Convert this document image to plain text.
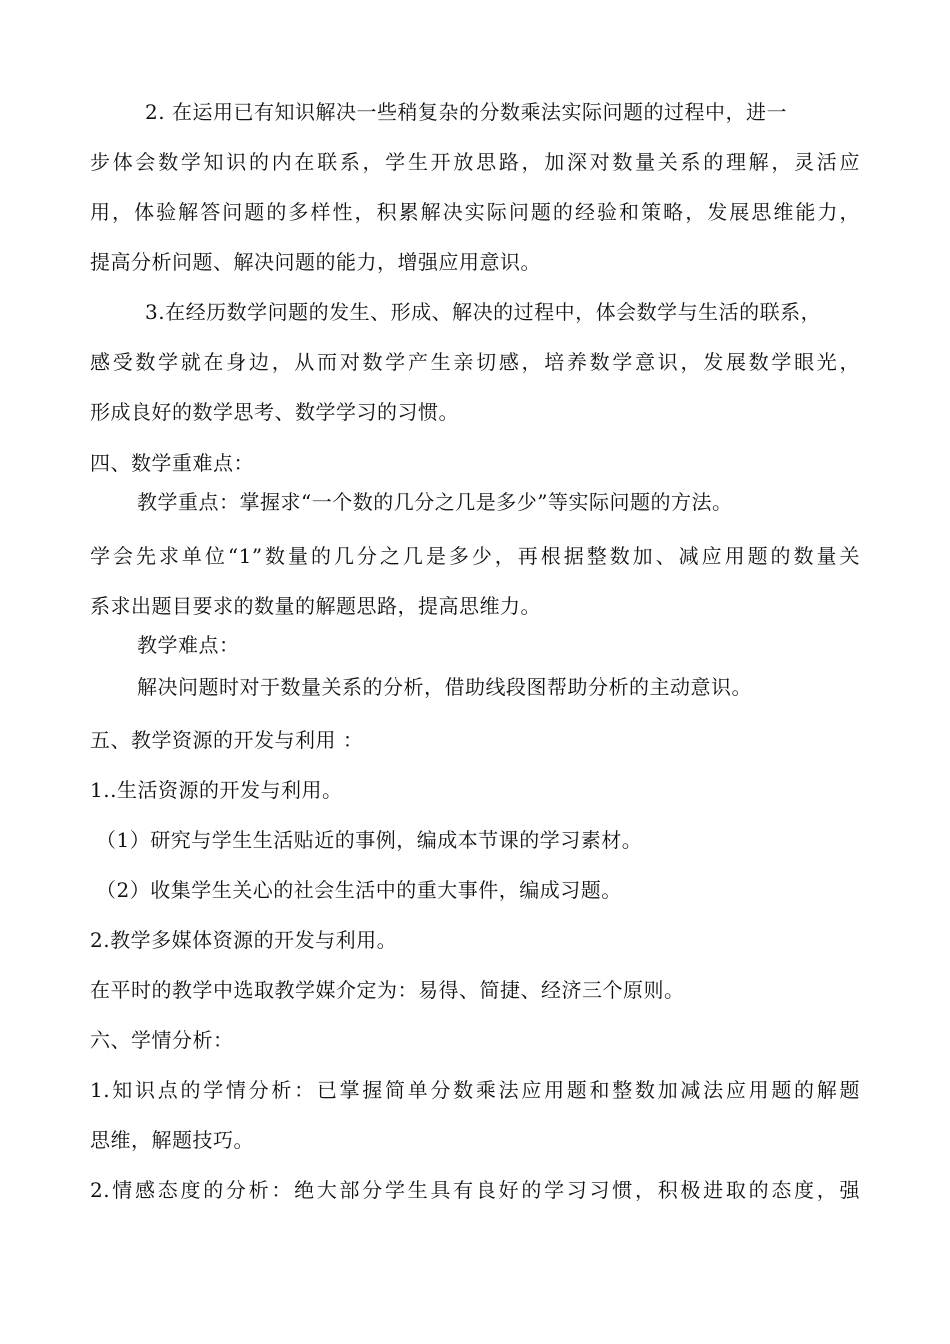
2. 在运用已有知识解决一些稍复杂的分数乘法实际问题的过程中，进一
步体会数学知识的内在联系，学生开放思路，加深对数量关系的理解，灵活应
用，体验解答问题的多样性，积累解决实际问题的经验和策略，发展思维能力，
提高分析问题、解决问题的能力，增强应用意识。
3.在经历数学问题的发生、形成、解决的过程中，体会数学与生活的联系，
感受数学就在身边，从而对数学产生亲切感，培养数学意识，发展数学眼光，
形成良好的数学思考、数学学习的习惯。
四、数学重难点：
教学重点：掌握求“一个数的几分之几是多少”等实际问题的方法。
学会先求单位“1”数量的几分之几是多少，再根据整数加、减应用题的数量关
系求出题目要求的数量的解题思路，提高思维力。
教学难点：
解决问题时对于数量关系的分析，借助线段图帮助分析的主动意识。
五、教学资源的开发与利用 ：
1..生活资源的开发与利用。
（1）研究与学生生活贴近的事例，编成本节课的学习素材。
（2）收集学生关心的社会生活中的重大事件，编成习题。
2.教学多媒体资源的开发与利用。
在平时的教学中选取教学媒介定为：易得、简捷、经济三个原则。
六、学情分析：
1.知识点的学情分析：已掌握简单分数乘法应用题和整数加减法应用题的解题
思维，解题技巧。
2.情感态度的分析：绝大部分学生具有良好的学习习惯，积极进取的态度，强
